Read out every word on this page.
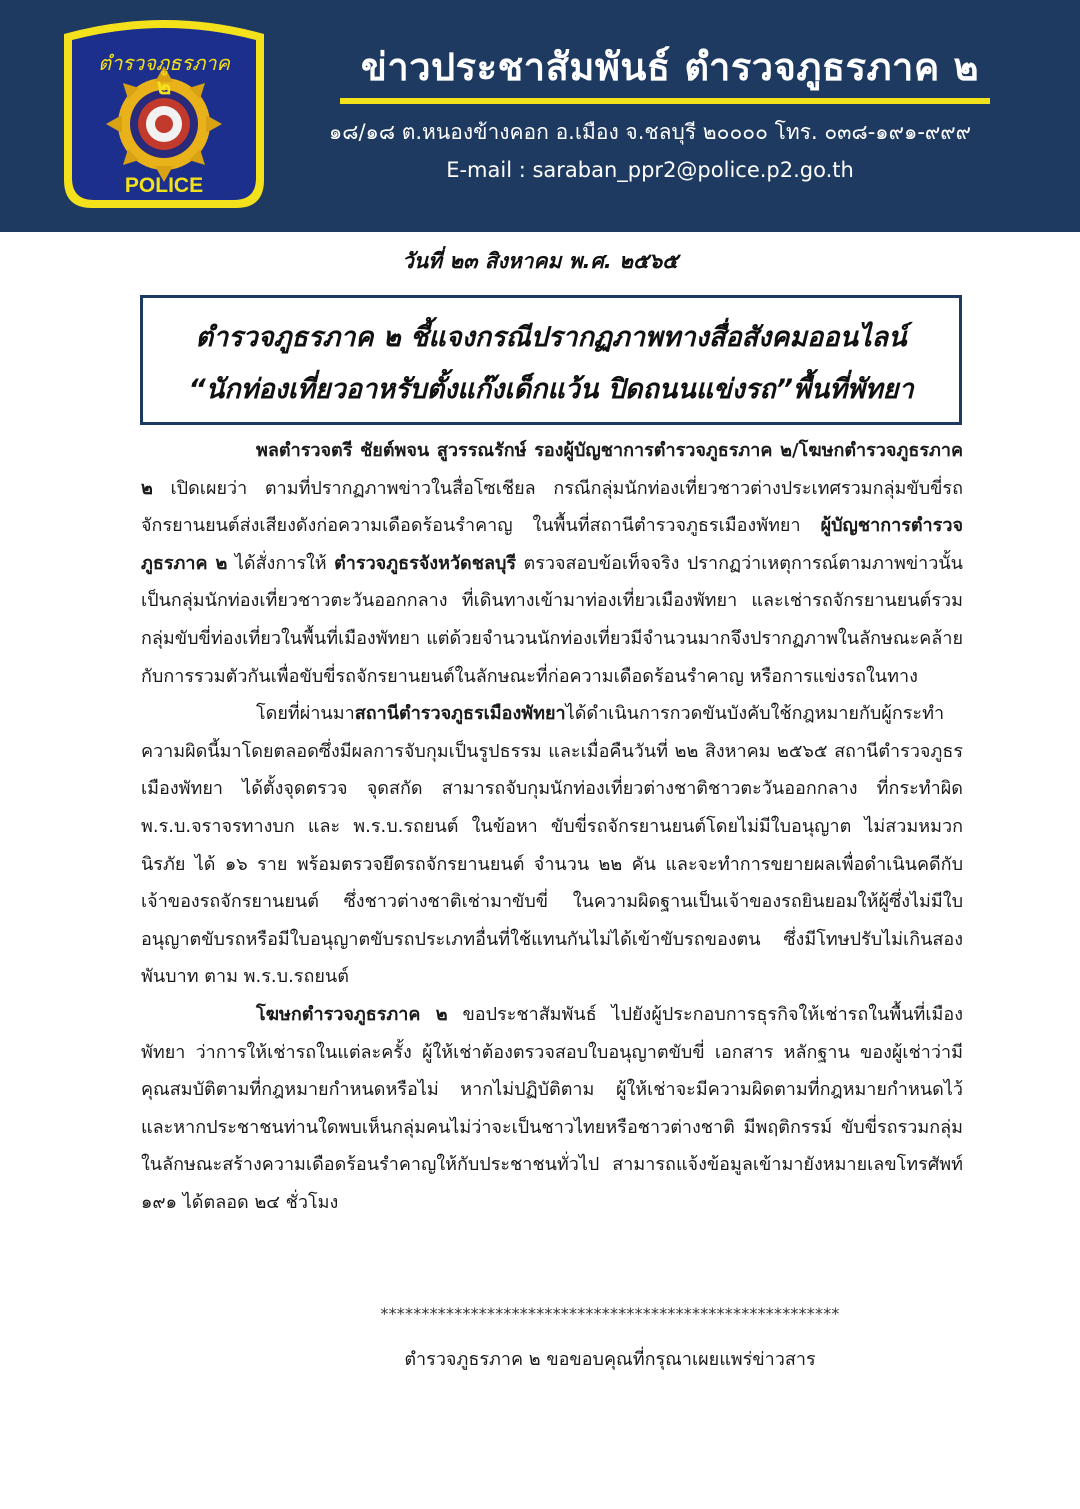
ตำรวจภูธรภาค
๒
POLICE
ข่าวประชาสัมพันธ์ ตำรวจภูธรภาค ๒
๑๘/๑๘ ต.หนองข้างคอก อ.เมือง จ.ชลบุรี ๒๐๐๐๐ โทร. ๐๓๘-๑๙๑-๙๙๙
E-mail : saraban_ppr2@police.p2.go.th
วันที่ ๒๓ สิงหาคม พ.ศ. ๒๕๖๕
ตำรวจภูธรภาค ๒ ชี้แจงกรณีปรากฏภาพทางสื่อสังคมออนไลน์
“นักท่องเที่ยวอาหรับตั้งแก๊งเด็กแว้น ปิดถนนแข่งรถ”พื้นที่พัทยา

พลตำรวจตรี ชัยต์พจน สูวรรณรักษ์ รองผู้บัญชาการตำรวจภูธรภาค ๒/โฆษกตำรวจภูธรภาค ๒ เปิดเผยว่า ตามที่ปรากฏภาพข่าวในสื่อโซเชียล กรณีกลุ่มนักท่องเที่ยวชาวต่างประเทศรวมกลุ่มขับขี่รถจักรยานยนต์ส่งเสียงดังก่อความเดือดร้อนรำคาญ ในพื้นที่สถานีตำรวจภูธรเมืองพัทยา ผู้บัญชาการตำรวจภูธรภาค ๒ ได้สั่งการให้ ตำรวจภูธรจังหวัดชลบุรี ตรวจสอบข้อเท็จจริง ปรากฏว่าเหตุการณ์ตามภาพข่าวนั้น เป็นกลุ่มนักท่องเที่ยวชาวตะวันออกกลาง ที่เดินทางเข้ามาท่องเที่ยวเมืองพัทยา และเช่ารถจักรยานยนต์รวมกลุ่มขับขี่ท่องเที่ยวในพื้นที่เมืองพัทยา แต่ด้วยจำนวนนักท่องเที่ยวมีจำนวนมากจึงปรากฏภาพในลักษณะคล้ายกับการรวมตัวกันเพื่อขับขี่รถจักรยานยนต์ในลักษณะที่ก่อความเดือดร้อนรำคาญ หรือการแข่งรถในทาง

โดยที่ผ่านมาสถานีตำรวจภูธรเมืองพัทยาได้ดำเนินการกวดขันบังคับใช้กฎหมายกับผู้กระทำความผิดนี้มาโดยตลอดซึ่งมีผลการจับกุมเป็นรูปธรรม และเมื่อคืนวันที่ ๒๒ สิงหาคม ๒๕๖๕ สถานีตำรวจภูธรเมืองพัทยา ได้ตั้งจุดตรวจ จุดสกัด สามารถจับกุมนักท่องเที่ยวต่างชาติชาวตะวันออกกลาง ที่กระทำผิด พ.ร.บ.จราจรทางบก และ พ.ร.บ.รถยนต์ ในข้อหา ขับขี่รถจักรยานยนต์โดยไม่มีใบอนุญาต ไม่สวมหมวกนิรภัย ได้ ๑๖ ราย พร้อมตรวจยึดรถจักรยานยนต์ จำนวน ๒๒ คัน และจะทำการขยายผลเพื่อดำเนินคดีกับเจ้าของรถจักรยานยนต์ ซึ่งชาวต่างชาติเช่ามาขับขี่ ในความผิดฐานเป็นเจ้าของรถยินยอมให้ผู้ซึ่งไม่มีใบอนุญาตขับรถหรือมีใบอนุญาตขับรถประเภทอื่นที่ใช้แทนกันไม่ได้เข้าขับรถของตน ซึ่งมีโทษปรับไม่เกินสองพันบาท ตาม พ.ร.บ.รถยนต์

โฆษกตำรวจภูธรภาค ๒ ขอประชาสัมพันธ์ ไปยังผู้ประกอบการธุรกิจให้เช่ารถในพื้นที่เมืองพัทยา ว่าการให้เช่ารถในแต่ละครั้ง ผู้ให้เช่าต้องตรวจสอบใบอนุญาตขับขี่ เอกสาร หลักฐาน ของผู้เช่าว่ามีคุณสมบัติตามที่กฎหมายกำหนดหรือไม่ หากไม่ปฏิบัติตาม ผู้ให้เช่าจะมีความผิดตามที่กฎหมายกำหนดไว้ และหากประชาชนท่านใดพบเห็นกลุ่มคนไม่ว่าจะเป็นชาวไทยหรือชาวต่างชาติ มีพฤติกรรม์ ขับขี่รถรวมกลุ่มในลักษณะสร้างความเดือดร้อนรำคาญให้กับประชาชนทั่วไป สามารถแจ้งข้อมูลเข้ามายังหมายเลขโทรศัพท์ ๑๙๑ ได้ตลอด ๒๔ ชั่วโมง

********************************************************
ตำรวจภูธรภาค ๒ ขอขอบคุณที่กรุณาเผยแพร่ข่าวสาร
